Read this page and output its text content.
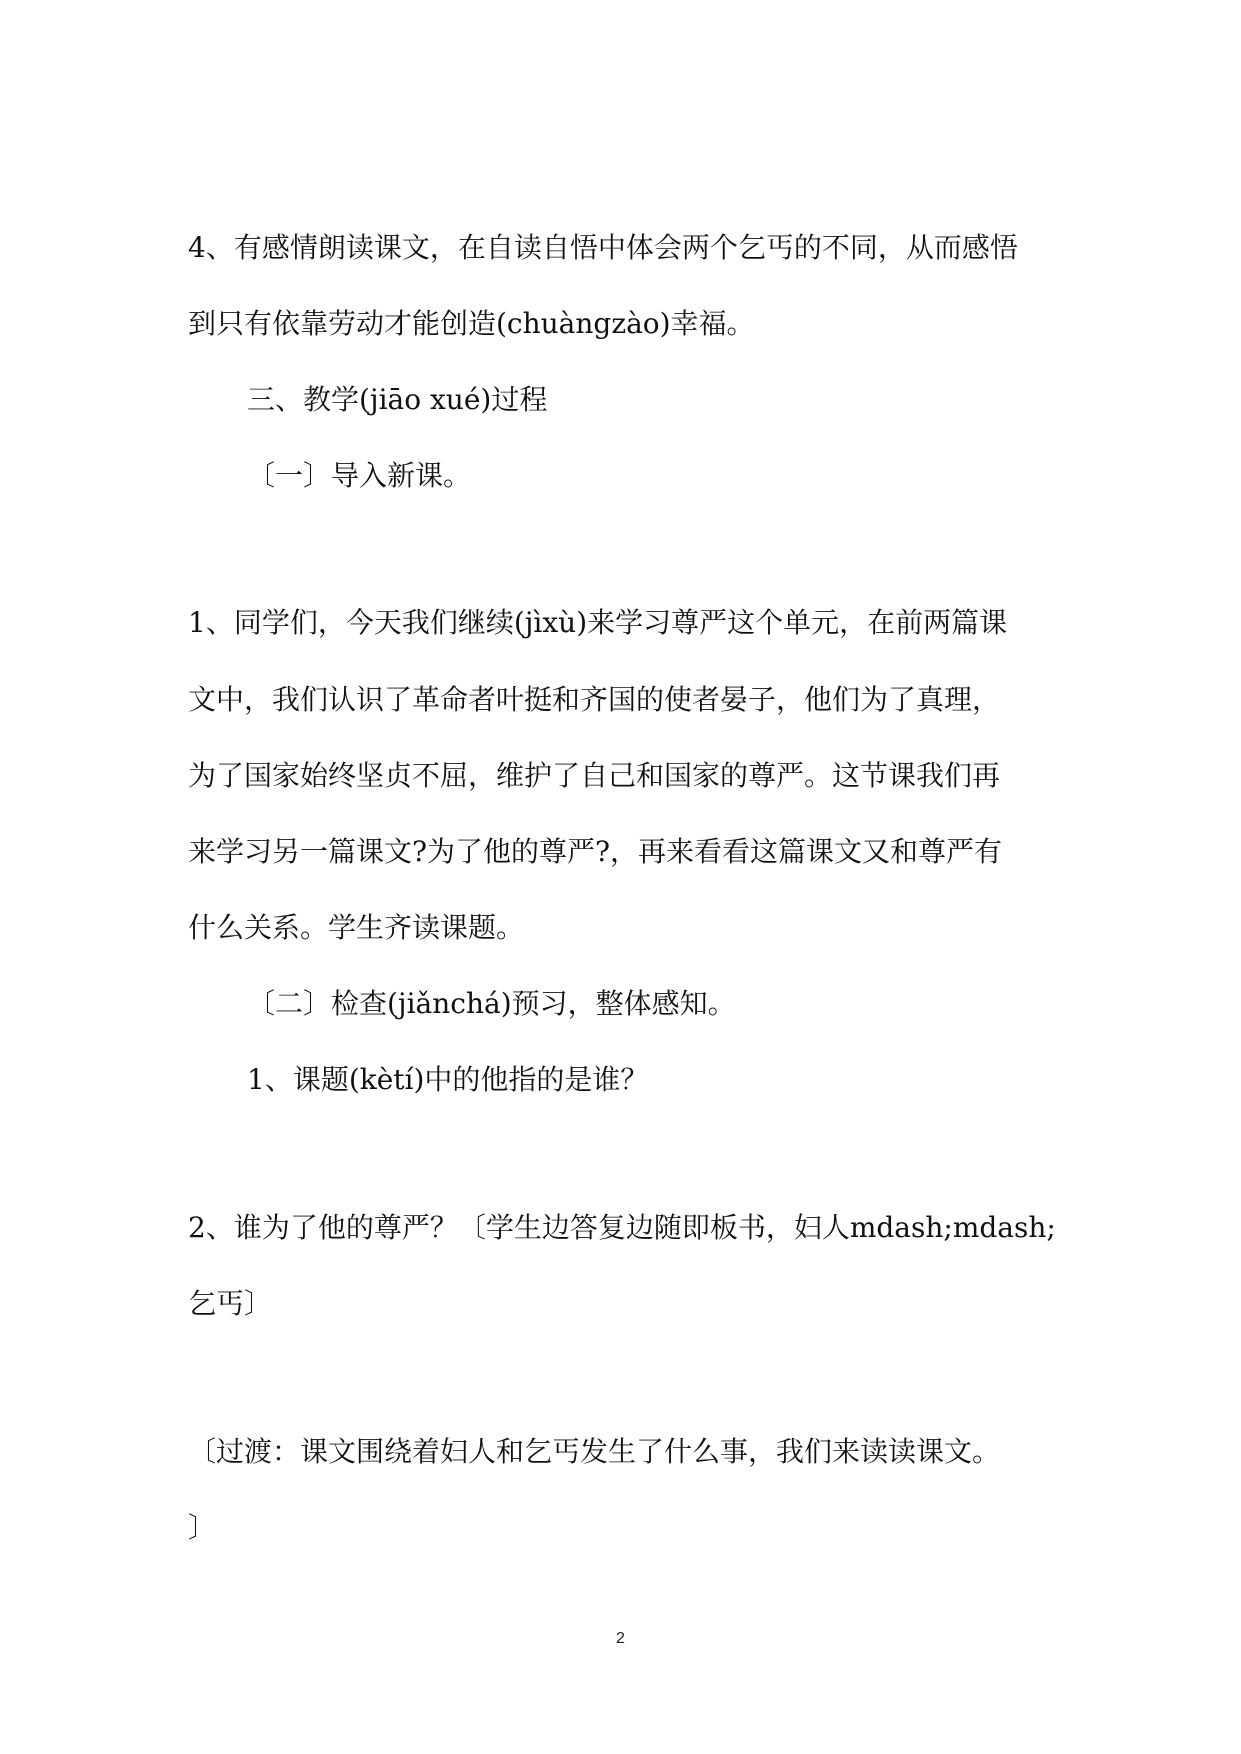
4、有感情朗读课文，在自读自悟中体会两个乞丐的不同，从而感悟
到只有依靠劳动才能创造(chuàngzào)幸福。
三、教学(jiāo xué)过程
〔一〕导入新课。
1、同学们，今天我们继续(jìxù)来学习尊严这个单元，在前两篇课
文中，我们认识了革命者叶挺和齐国的使者晏子，他们为了真理，
为了国家始终坚贞不屈，维护了自己和国家的尊严。这节课我们再
来学习另一篇课文?为了他的尊严?，再来看看这篇课文又和尊严有
什么关系。学生齐读课题。
〔二〕检查(jiǎnchá)预习，整体感知。
1、课题(kètí)中的他指的是谁？
2、谁为了他的尊严？〔学生边答复边随即板书，妇人mdash;mdash;
乞丐〕
〔过渡：课文围绕着妇人和乞丐发生了什么事，我们来读读课文。
〕
2
